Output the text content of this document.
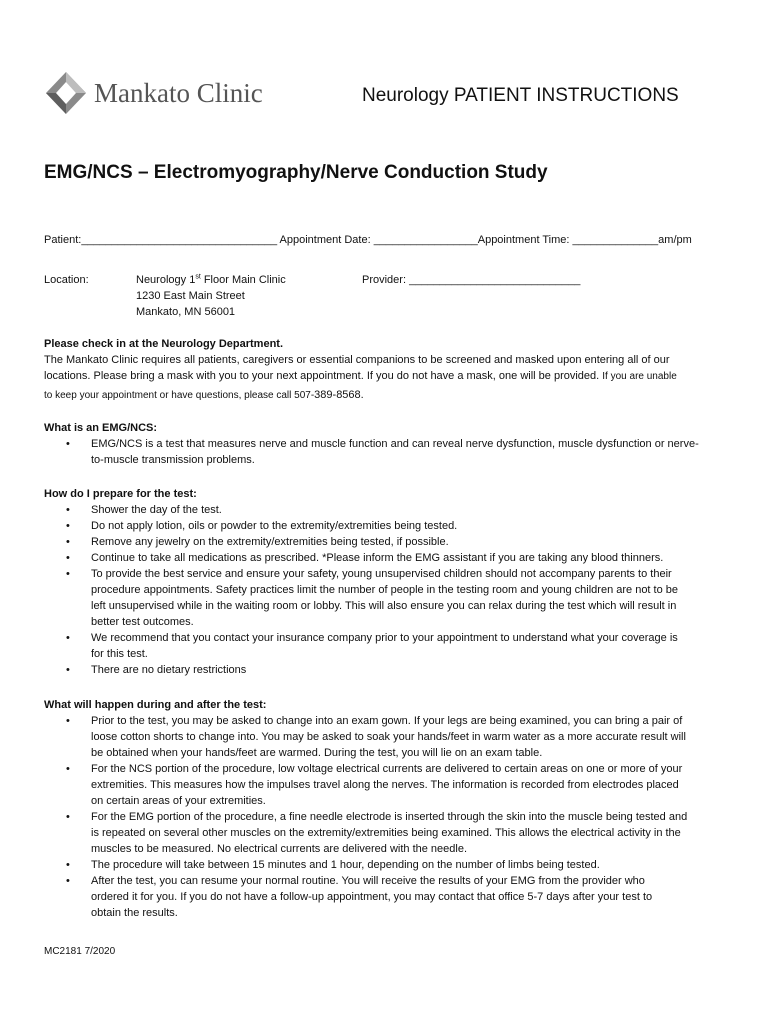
Mankato Clinic	Neurology PATIENT INSTRUCTIONS
EMG/NCS – Electromyography/Nerve Conduction Study
Patient:________________________________ Appointment Date: _________________Appointment Time: ______________am/pm
Location:	Neurology 1st Floor Main Clinic
1230 East Main Street
Mankato, MN 56001
Provider: ____________________________

Please check in at the Neurology Department.

The Mankato Clinic requires all patients, caregivers or essential companions to be screened and masked upon entering all of our

locations. Please bring a mask with you to your next appointment. If you do not have a mask, one will be provided. If you are unable

to keep your appointment or have questions, please call 507-389-8568.

What is an EMG/NCS:

• EMG/NCS is a test that measures nerve and muscle function and can reveal nerve dysfunction, muscle dysfunction or nerve-
to-muscle transmission problems.

How do I prepare for the test:

• Shower the day of the test.
• Do not apply lotion, oils or powder to the extremity/extremities being tested.
• Remove any jewelry on the extremity/extremities being tested, if possible.
• Continue to take all medications as prescribed. *Please inform the EMG assistant if you are taking any blood thinners.
• To provide the best service and ensure your safety, young unsupervised children should not accompany parents to their
procedure appointments. Safety practices limit the number of people in the testing room and young children are not to be
left unsupervised while in the waiting room or lobby. This will also ensure you can relax during the test which will result in
better test outcomes.
• We recommend that you contact your insurance company prior to your appointment to understand what your coverage is
for this test.
• There are no dietary restrictions

What will happen during and after the test:

• Prior to the test, you may be asked to change into an exam gown. If your legs are being examined, you can bring a pair of
loose cotton shorts to change into. You may be asked to soak your hands/feet in warm water as a more accurate result will
be obtained when your hands/feet are warmed. During the test, you will lie on an exam table.
• For the NCS portion of the procedure, low voltage electrical currents are delivered to certain areas on one or more of your
extremities. This measures how the impulses travel along the nerves. The information is recorded from electrodes placed
on certain areas of your extremities.
• For the EMG portion of the procedure, a fine needle electrode is inserted through the skin into the muscle being tested and
is repeated on several other muscles on the extremity/extremities being examined. This allows the electrical activity in the
muscles to be measured. No electrical currents are delivered with the needle.
• The procedure will take between 15 minutes and 1 hour, depending on the number of limbs being tested.
• After the test, you can resume your normal routine. You will receive the results of your EMG from the provider who
ordered it for you. If you do not have a follow-up appointment, you may contact that office 5-7 days after your test to
obtain the results.
MC2181 7/2020
